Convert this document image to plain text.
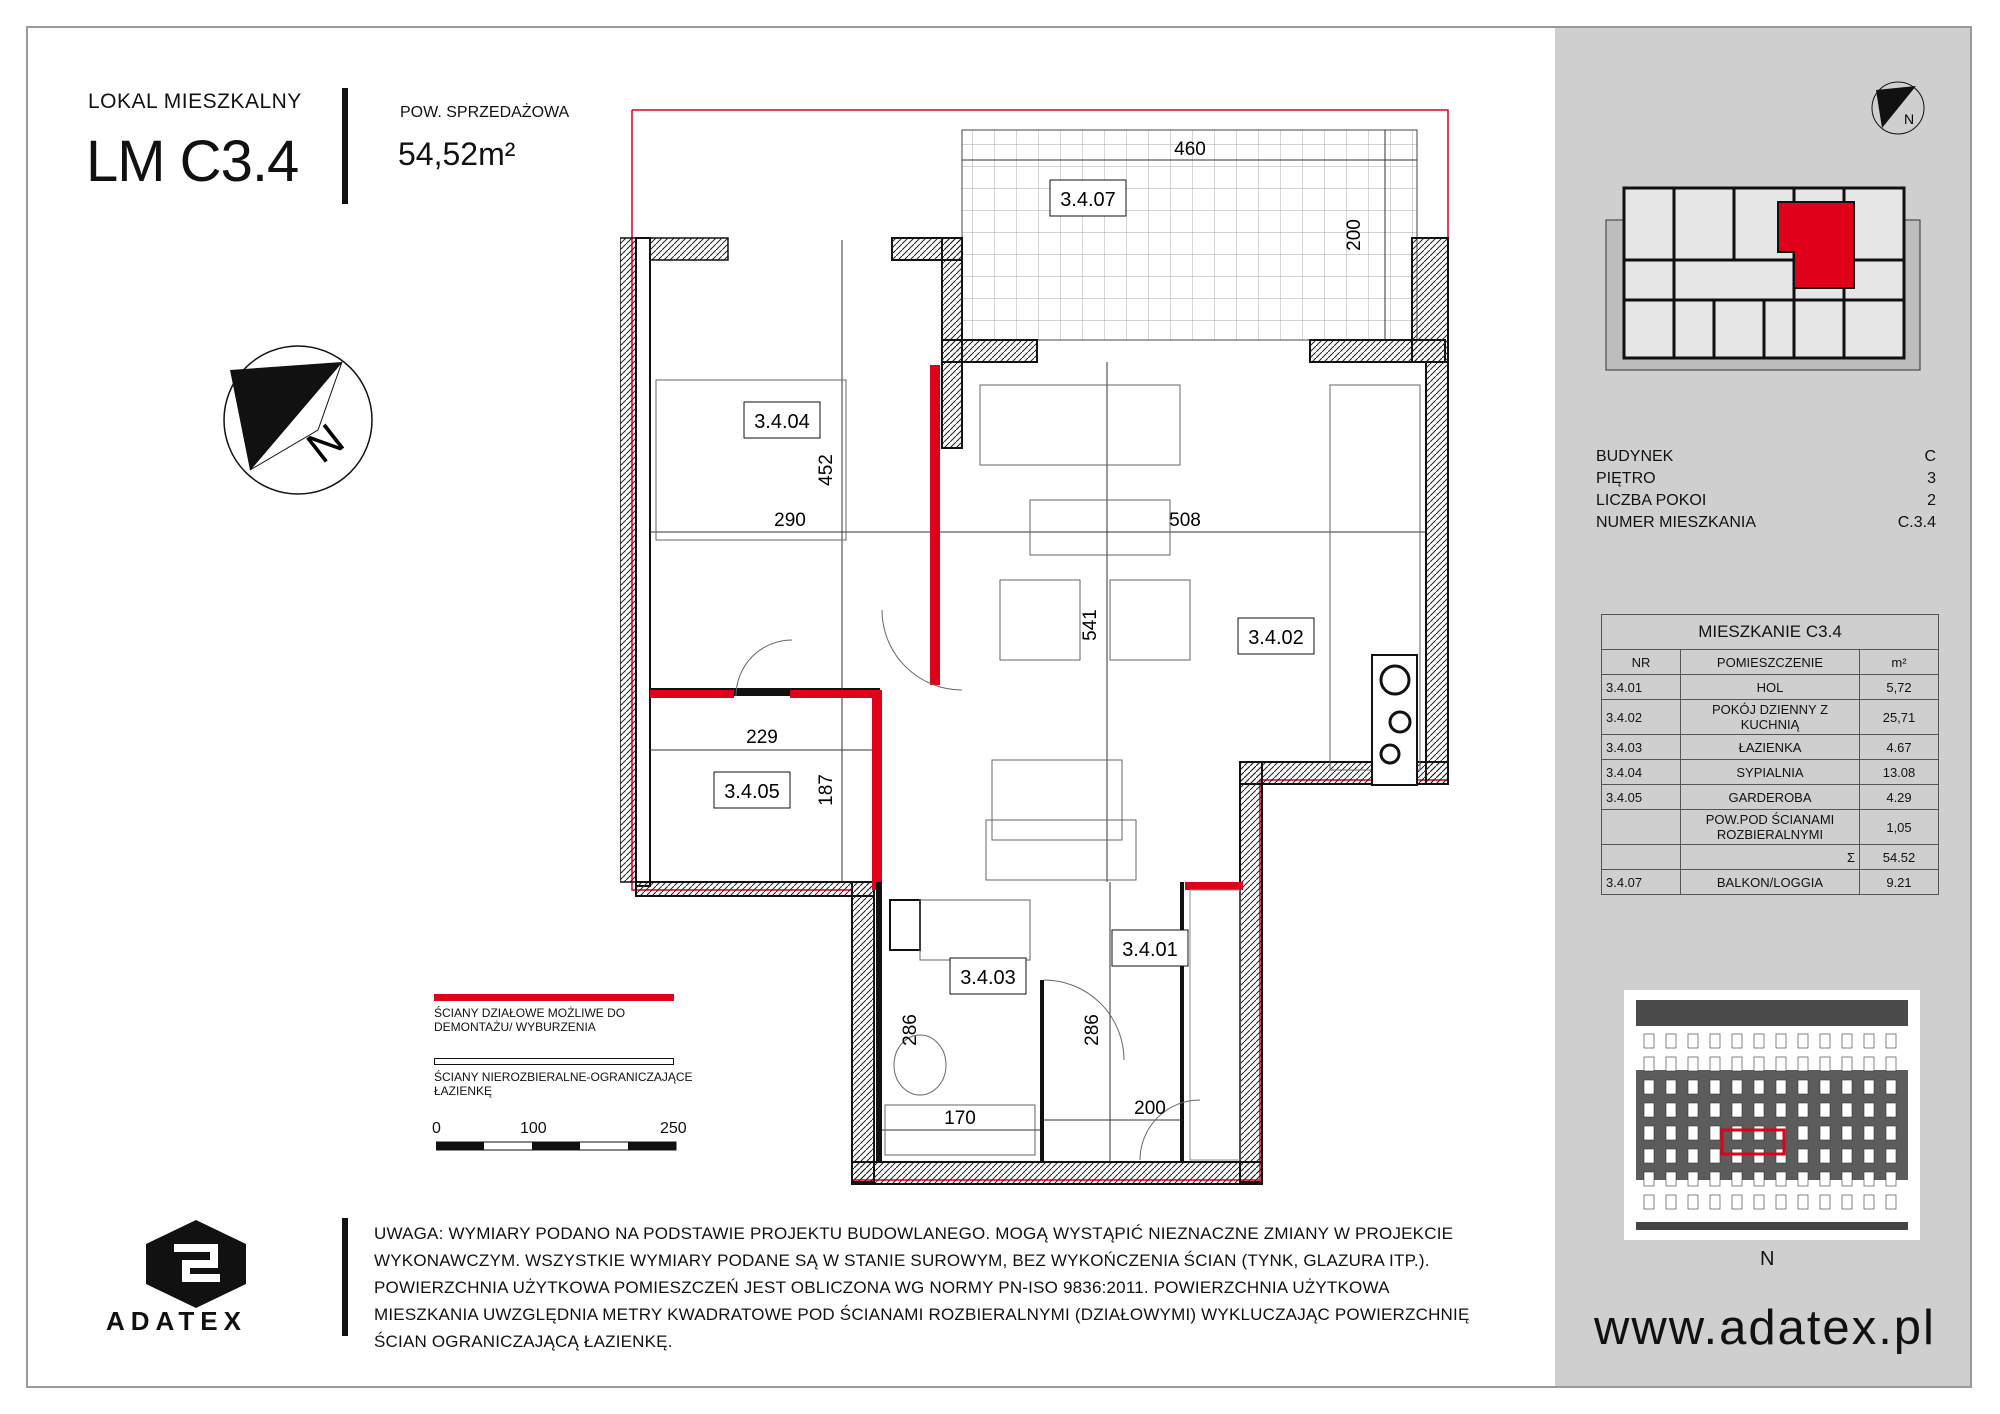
LOKAL MIESZKALNY
LM C3.4
POW. SPRZEDAŻOWA
54,52m²
N
3.4.07
3.4.04
3.4.02
3.4.05
3.4.03
3.4.01
460
200
452
290	508
541
229
187
286	286
170	200
ŚCIANY DZIAŁOWE MOŻLIWE DO DEMONTAŻU/ WYBURZENIA
ŚCIANY NIEROZBIERALNE-OGRANICZAJĄCE ŁAZIENKĘ
0	100	250
N
BUDYNEK	C
PIĘTRO	3
LICZBA POKOI	2
NUMER MIESZKANIA	C.3.4
MIESZKANIE C3.4		
NR	POMIESZCZENIE	m²
3.4.01	HOL	5,72
3.4.02	POKÓJ DZIENNY Z KUCHNIĄ	25,71
3.4.03	ŁAZIENKA	4.67
3.4.04	SYPIALNIA	13.08
3.4.05	GARDEROBA	4.29
	POW.POD ŚCIANAMI ROZBIERALNYMI	1,05
	Σ	54.52
3.4.07	BALKON/LOGGIA	9.21
N
ADATEX
UWAGA: WYMIARY PODANO NA PODSTAWIE PROJEKTU BUDOWLANEGO. MOGĄ WYSTĄPIĆ NIEZNACZNE ZMIANY W PROJEKCIE WYKONAWCZYM. WSZYSTKIE WYMIARY PODANE SĄ W STANIE SUROWYM, BEZ WYKOŃCZENIA ŚCIAN (TYNK, GLAZURA ITP.). POWIERZCHNIA UŻYTKOWA POMIESZCZEŃ JEST OBLICZONA WG NORMY PN-ISO 9836:2011. POWIERZCHNIA UŻYTKOWA MIESZKANIA UWZGLĘDNIA METRY KWADRATOWE POD ŚCIANAMI ROZBIERALNYMI (DZIAŁOWYMI) WYKLUCZAJĄC POWIERZCHNIĘ ŚCIAN OGRANICZAJĄCĄ ŁAZIENKĘ.	www.adatex.pl
